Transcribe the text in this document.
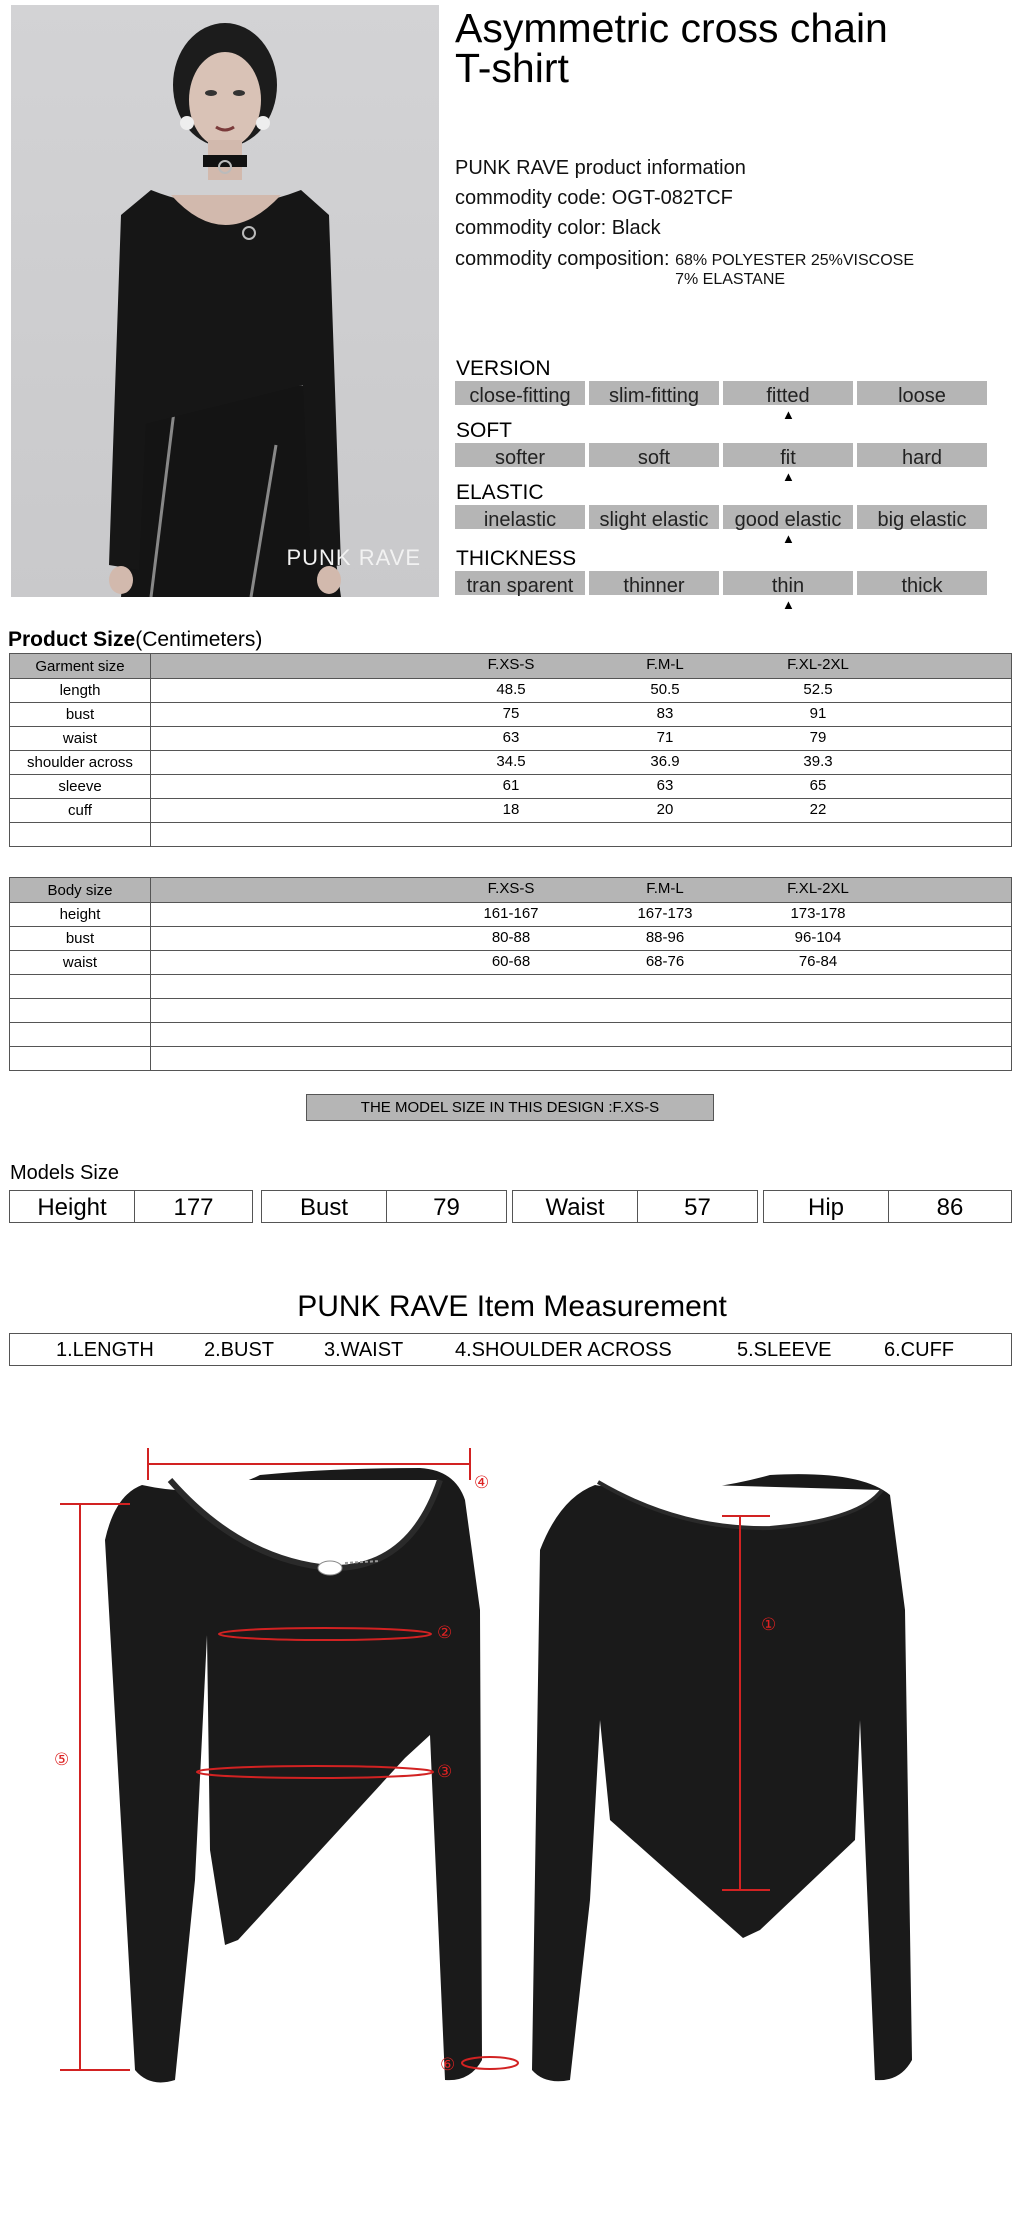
PUNK RAVE
Asymmetric cross chain
T-shirt
PUNK RAVE product information
commodity code: OGT-082TCF
commodity color: Black
commodity composition: 68% POLYESTER 25%VISCOSE
7% ELASTANE
VERSION
close-fitting	slim-fitting	fitted	loose
▲
SOFT
softer	soft	fit	hard
▲
ELASTIC
inelastic	slight elastic	good elastic	big elastic
▲
THICKNESS
tran sparent	thinner	thin	thick
▲
Product Size(Centimeters)
Garment size	F.XS-S F.M-L F.XL-2XL

length	48.5 50.5 52.5

bust	75 83 91

waist	63 71 79

shoulder across	34.5 36.9 39.3

sleeve	61 63 65

cuff	18 20 22

Body size	F.XS-S F.M-L F.XL-2XL

height	161-167 167-173 173-178

bust	80-88 88-96 96-104

waist	60-68 68-76 76-84

THE MODEL SIZE IN THIS DESIGN :F.XS-S
Models Size
Height	177	Bust	79	Waist	57	Hip	86
PUNK RAVE Item Measurement
1.LENGTH	2.BUST 3.WAIST	4.SHOULDER ACROSS	5.SLEEVE	6.CUFF
④
②
③
⑤
①
⑥
